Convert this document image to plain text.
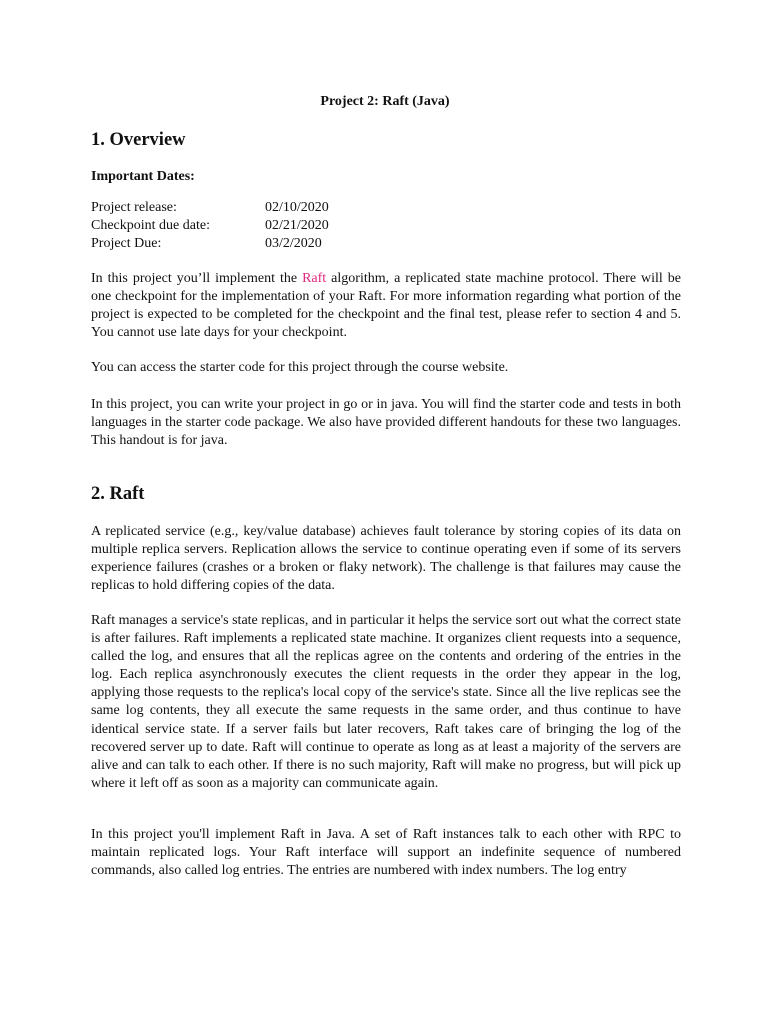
Project 2: Raft (Java)
1. Overview
Important Dates:
Project release:	02/10/2020
Checkpoint due date:	02/21/2020
Project Due:	03/2/2020

In this project you’ll implement the Raft algorithm, a replicated state machine protocol. There will be one checkpoint for the implementation of your Raft. For more information regarding what portion of the project is expected to be completed for the checkpoint and the final test, please refer to section 4 and 5. You cannot use late days for your checkpoint.

You can access the starter code for this project through the course website.

In this project, you can write your project in go or in java. You will find the starter code and tests in both languages in the starter code package. We also have provided different handouts for these two languages. This handout is for java.

2. Raft

A replicated service (e.g., key/value database) achieves fault tolerance by storing copies of its data on multiple replica servers. Replication allows the service to continue operating even if some of its servers experience failures (crashes or a broken or flaky network). The challenge is that failures may cause the replicas to hold differing copies of the data.

Raft manages a service's state replicas, and in particular it helps the service sort out what the correct state is after failures. Raft implements a replicated state machine. It organizes client requests into a sequence, called the log, and ensures that all the replicas agree on the contents and ordering of the entries in the log. Each replica asynchronously executes the client requests in the order they appear in the log, applying those requests to the replica's local copy of the service's state. Since all the live replicas see the same log contents, they all execute the same requests in the same order, and thus continue to have identical service state. If a server fails but later recovers, Raft takes care of bringing the log of the recovered server up to date. Raft will continue to operate as long as at least a majority of the servers are alive and can talk to each other. If there is no such majority, Raft will make no progress, but will pick up where it left off as soon as a majority can communicate again.

In this project you'll implement Raft in Java. A set of Raft instances talk to each other with RPC to maintain replicated logs. Your Raft interface will support an indefinite sequence of numbered commands, also called log entries. The entries are numbered with index numbers. The log entry
